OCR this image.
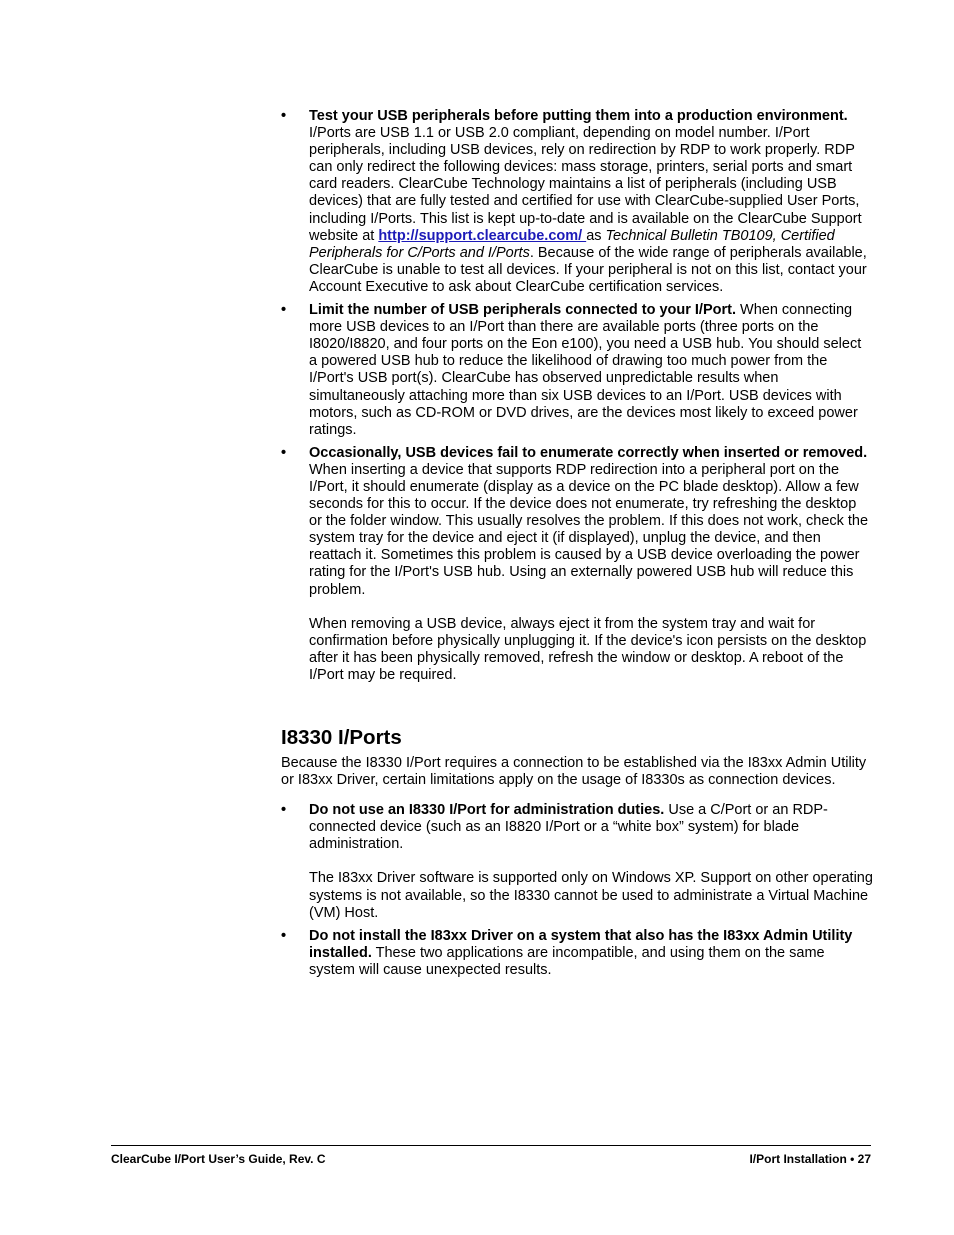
• Test your USB peripherals before putting them into a production environment. I/Ports are USB 1.1 or USB 2.0 compliant, depending on model number. I/Port peripherals, including USB devices, rely on redirection by RDP to work properly. RDP can only redirect the following devices: mass storage, printers, serial ports and smart card readers. ClearCube Technology maintains a list of peripherals (including USB devices) that are fully tested and certified for use with ClearCube-supplied User Ports, including I/Ports. This list is kept up-to-date and is available on the ClearCube Support website at http://support.clearcube.com/ as Technical Bulletin TB0109, Certified Peripherals for C/Ports and I/Ports. Because of the wide range of peripherals available, ClearCube is unable to test all devices. If your peripheral is not on this list, contact your Account Executive to ask about ClearCube certification services.

• Limit the number of USB peripherals connected to your I/Port. When connecting more USB devices to an I/Port than there are available ports (three ports on the I8020/I8820, and four ports on the Eon e100), you need a USB hub. You should select a powered USB hub to reduce the likelihood of drawing too much power from the I/Port's USB port(s). ClearCube has observed unpredictable results when simultaneously attaching more than six USB devices to an I/Port. USB devices with motors, such as CD-ROM or DVD drives, are the devices most likely to exceed power ratings.

• Occasionally, USB devices fail to enumerate correctly when inserted or removed. When inserting a device that supports RDP redirection into a peripheral port on the I/Port, it should enumerate (display as a device on the PC blade desktop). Allow a few seconds for this to occur. If the device does not enumerate, try refreshing the desktop or the folder window. This usually resolves the problem. If this does not work, check the system tray for the device and eject it (if displayed), unplug the device, and then reattach it. Sometimes this problem is caused by a USB device overloading the power rating for the I/Port's USB hub. Using an externally powered USB hub will reduce this problem.

When removing a USB device, always eject it from the system tray and wait for confirmation before physically unplugging it. If the device's icon persists on the desktop after it has been physically removed, refresh the window or desktop. A reboot of the I/Port may be required.

I8330 I/Ports

Because the I8330 I/Port requires a connection to be established via the I83xx Admin Utility or I83xx Driver, certain limitations apply on the usage of I8330s as connection devices.

• Do not use an I8330 I/Port for administration duties. Use a C/Port or an RDP-connected device (such as an I8820 I/Port or a “white box” system) for blade administration.

The I83xx Driver software is supported only on Windows XP. Support on other operating systems is not available, so the I8330 cannot be used to administrate a Virtual Machine (VM) Host.

• Do not install the I83xx Driver on a system that also has the I83xx Admin Utility installed. These two applications are incompatible, and using them on the same system will cause unexpected results.

ClearCube I/Port User’s Guide, Rev. C	I/Port Installation • 27
